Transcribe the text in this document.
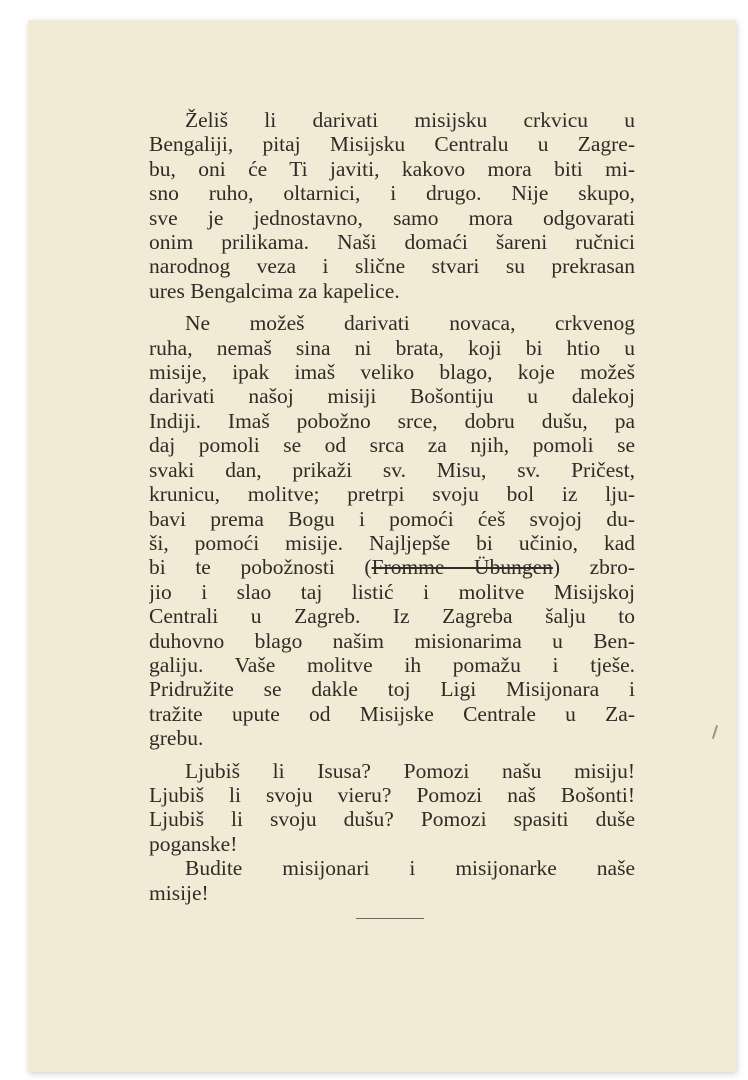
Želiš li darivati misijsku crkvicu u
Bengaliji, pitaj Misijsku Centralu u Zagre-
bu, oni će Ti javiti, kakovo mora biti mi-
sno ruho, oltarnici, i drugo. Nije skupo,
sve je jednostavno, samo mora odgovarati
onim prilikama. Naši domaći šareni ručnici
narodnog veza i slične stvari su prekrasan
ures Bengalcima za kapelice.
Ne možeš darivati novaca, crkvenog
ruha, nemaš sina ni brata, koji bi htio u
misije, ipak imaš veliko blago, koje možeš
darivati našoj misiji Bošontiju u dalekoj
Indiji. Imaš pobožno srce, dobru dušu, pa
daj pomoli se od srca za njih, pomoli se
svaki dan, prikaži sv. Misu, sv. Pričest,
krunicu, molitve; pretrpi svoju bol iz lju-
bavi prema Bogu i pomoći ćeš svojoj du-
ši, pomoći misije. Najljepše bi učinio, kad
bi te pobožnosti (Fromme Übungen) zbro-
jio i slao taj listić i molitve Misijskoj
Centrali u Zagreb. Iz Zagreba šalju to
duhovno blago našim misionarima u Ben-
galiju. Vaše molitve ih pomažu i tješe.
Pridružite se dakle toj Ligi Misijonara i
tražite upute od Misijske Centrale u Za-
grebu.
Ljubiš li Isusa? Pomozi našu misiju!
Ljubiš li svoju vieru? Pomozi naš Bošonti!
Ljubiš li svoju dušu? Pomozi spasiti duše
poganske!
Budite misijonari i misijonarke naše
misije!
